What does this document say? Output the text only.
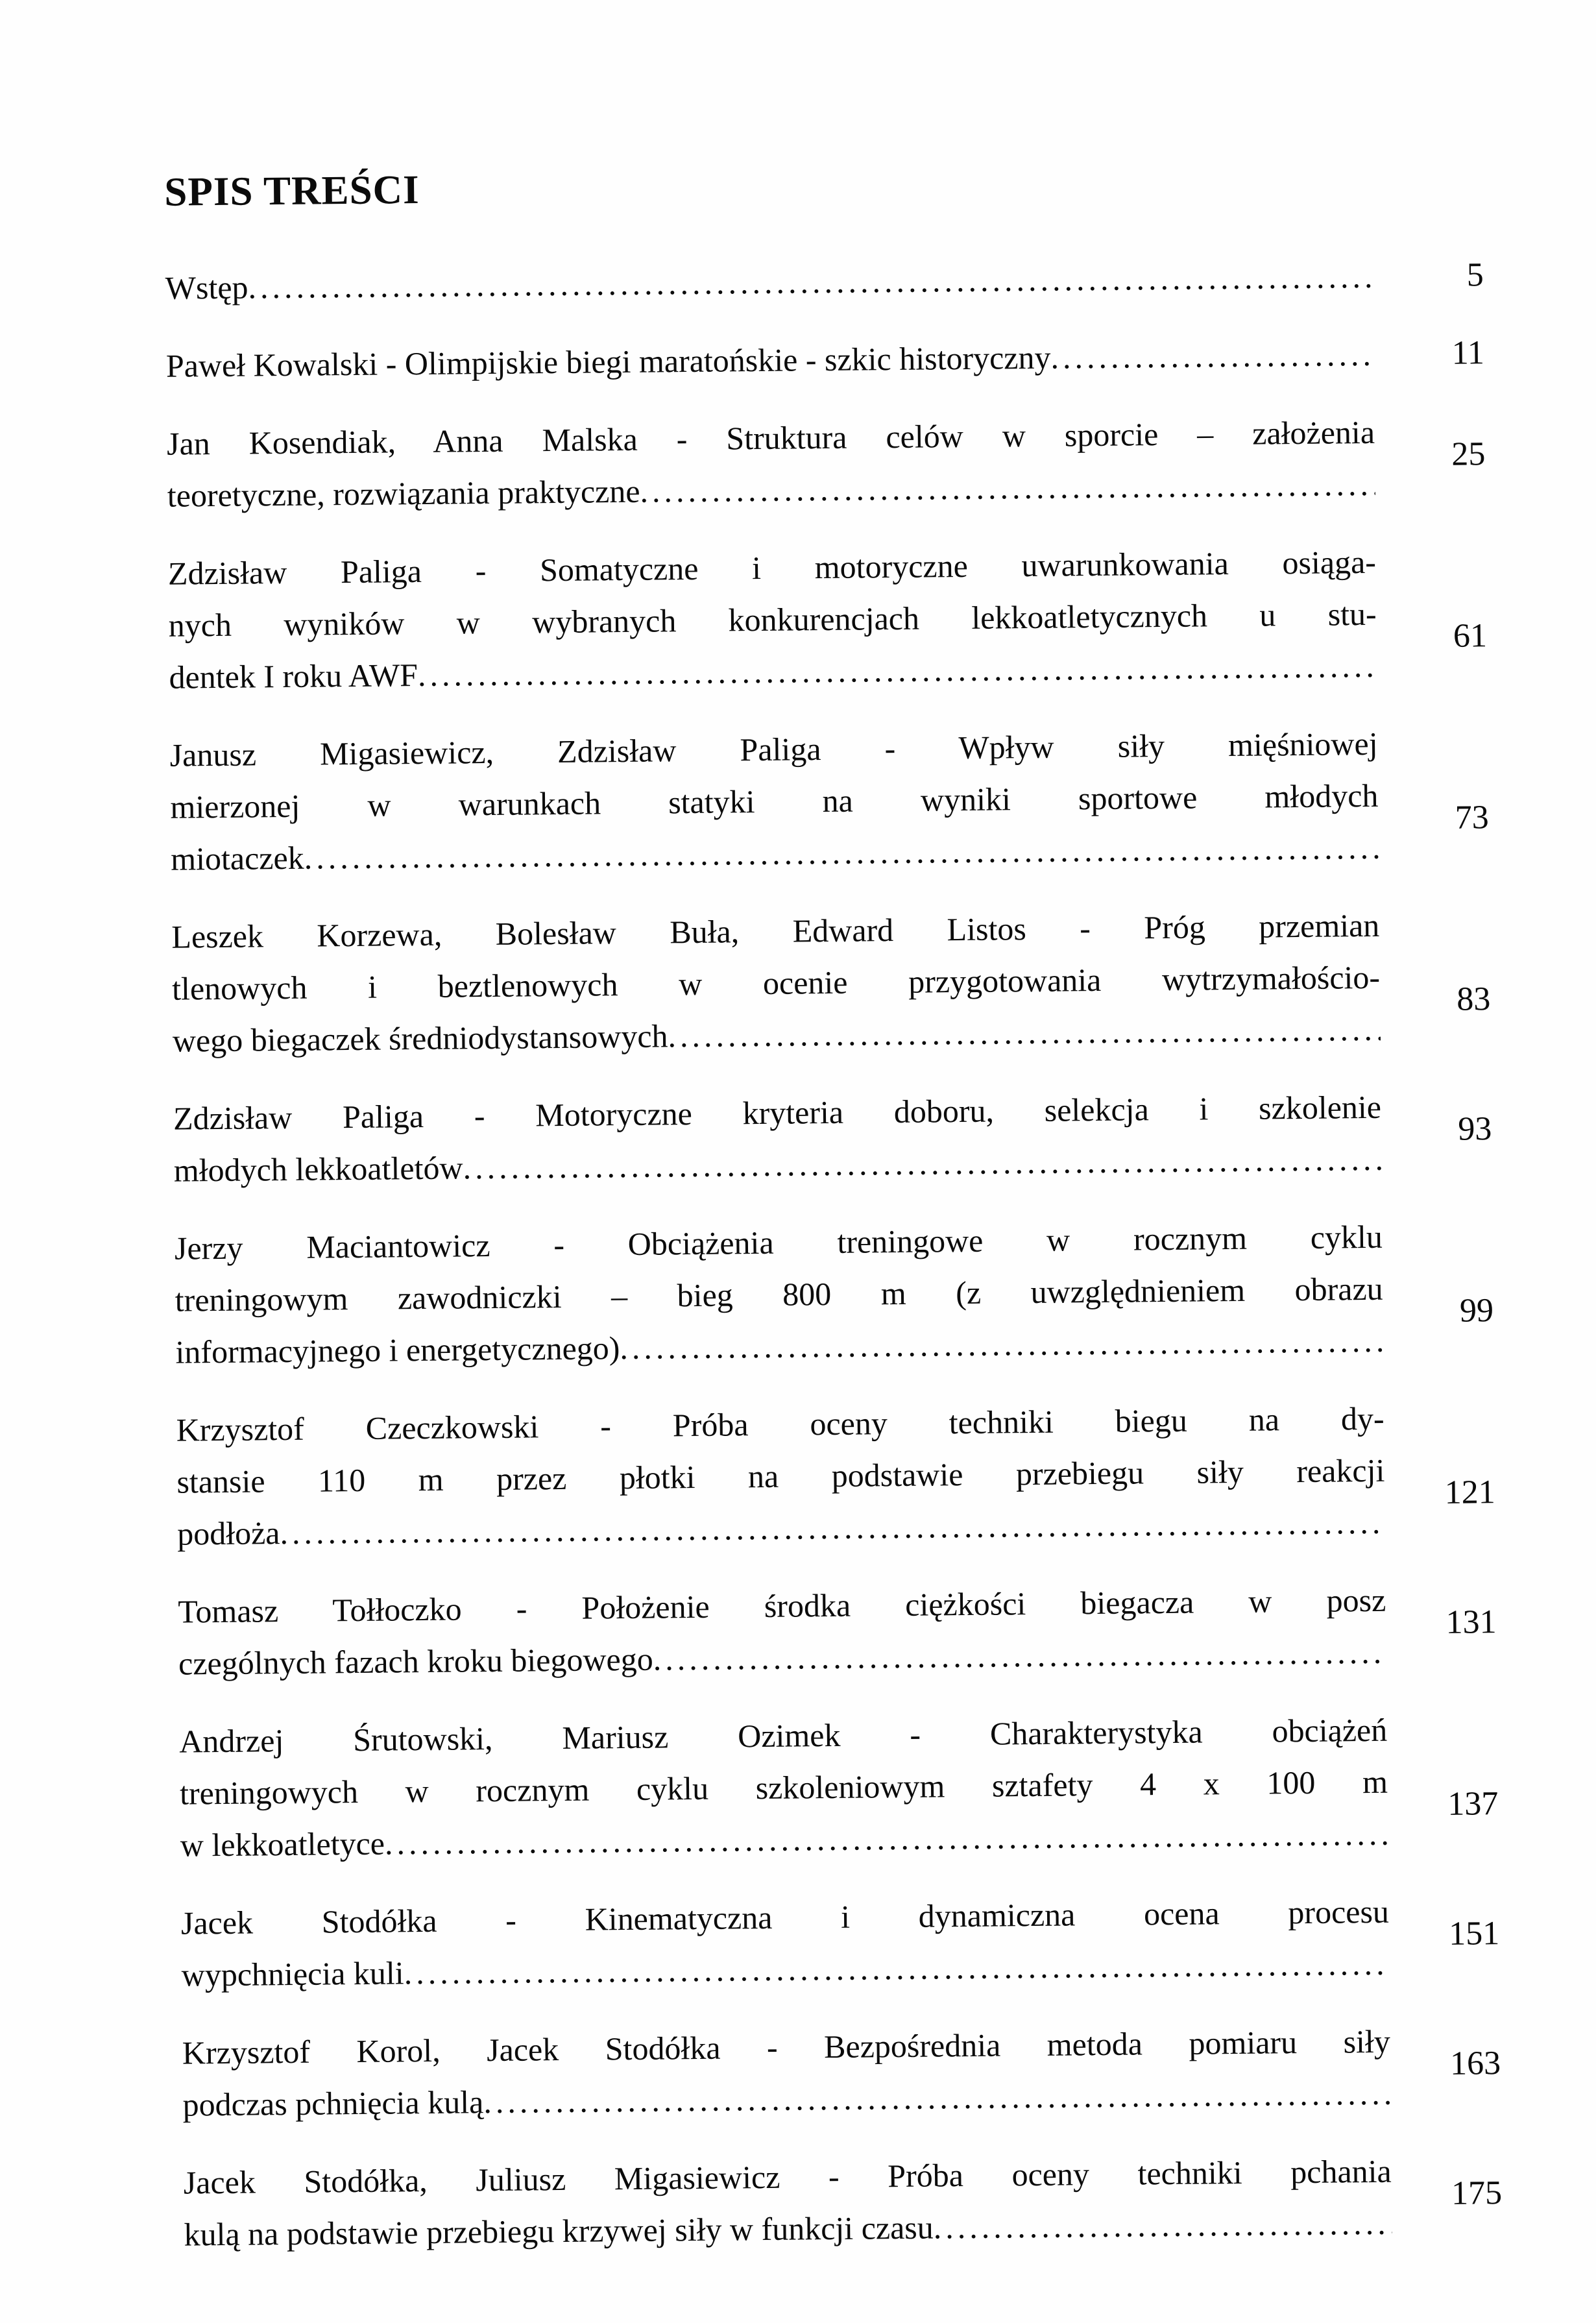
SPIS TREŚCI
Wstęp .....	5
Paweł Kowalski - Olimpijskie biegi maratońskie - szkic historyczny .....	11
Jan Kosendiak, Anna Malska - Struktura celów w sporcie – założenia
teoretyczne, rozwiązania praktyczne
.....
25
Zdzisław Paliga - Somatyczne i motoryczne uwarunkowania osiąga-
nych wyników w wybranych konkurencjach lekkoatletycznych u stu-
dentek I roku AWF
.....
61
Janusz Migasiewicz, Zdzisław Paliga - Wpływ siły mięśniowej
mierzonej w warunkach statyki na wyniki sportowe młodych
miotaczek
.....
73
Leszek Korzewa, Bolesław Buła, Edward Listos - Próg przemian
tlenowych i beztlenowych w ocenie przygotowania wytrzymałościo-
wego biegaczek średniodystansowych
.....
83
Zdzisław Paliga - Motoryczne kryteria doboru, selekcja i szkolenie
młodych lekkoatletów
.....
93
Jerzy Maciantowicz - Obciążenia treningowe w rocznym cyklu
treningowym zawodniczki – bieg 800 m (z uwzględnieniem obrazu
informacyjnego i energetycznego)
.....
99
Krzysztof Czeczkowski - Próba oceny techniki biegu na dy-
stansie 110 m przez płotki na podstawie przebiegu siły reakcji
podłoża
.....
121
Tomasz Tołłoczko - Położenie środka ciężkości biegacza w posz
czególnych fazach kroku biegowego
.....
131
Andrzej Śrutowski, Mariusz Ozimek - Charakterystyka obciążeń
treningowych w rocznym cyklu szkoleniowym sztafety 4 x 100 m
w lekkoatletyce
.....
137
Jacek Stodółka - Kinematyczna i dynamiczna ocena procesu
wypchnięcia kuli
.....
151
Krzysztof Korol, Jacek Stodółka - Bezpośrednia metoda pomiaru siły
podczas pchnięcia kulą
.....
163
Jacek Stodółka, Juliusz Migasiewicz - Próba oceny techniki pchania
kulą na podstawie przebiegu krzywej siły w funkcji czasu
.....
175
